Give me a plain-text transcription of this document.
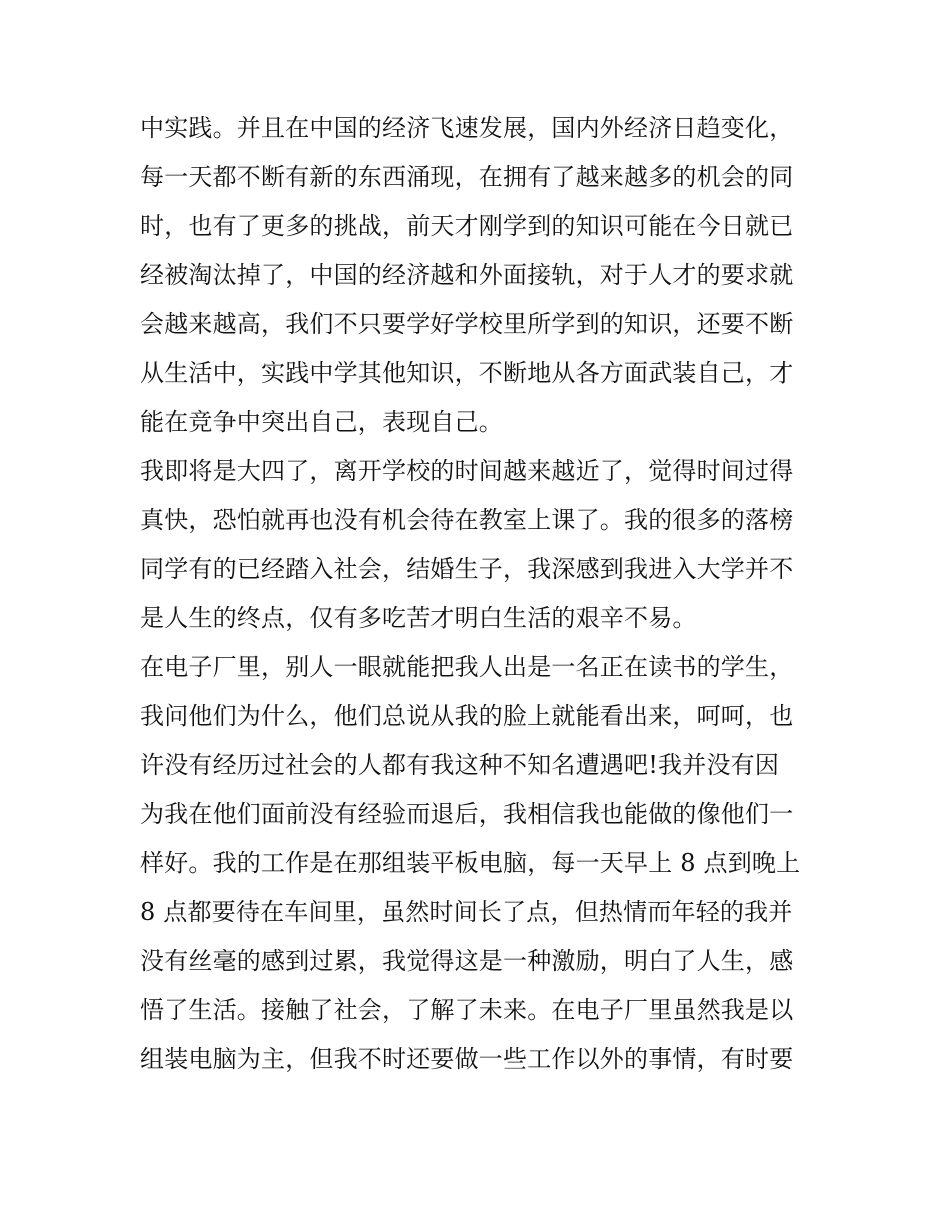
中实践。并且在中国的经济飞速发展，国内外经济日趋变化，
每一天都不断有新的东西涌现，在拥有了越来越多的机会的同
时，也有了更多的挑战，前天才刚学到的知识可能在今日就已
经被淘汰掉了，中国的经济越和外面接轨，对于人才的要求就
会越来越高，我们不只要学好学校里所学到的知识，还要不断
从生活中，实践中学其他知识，不断地从各方面武装自己，才
能在竞争中突出自己，表现自己。
我即将是大四了，离开学校的时间越来越近了，觉得时间过得
真快，恐怕就再也没有机会待在教室上课了。我的很多的落榜
同学有的已经踏入社会，结婚生子，我深感到我进入大学并不
是人生的终点，仅有多吃苦才明白生活的艰辛不易。
在电子厂里，别人一眼就能把我人出是一名正在读书的学生，
我问他们为什么，他们总说从我的脸上就能看出来，呵呵，也
许没有经历过社会的人都有我这种不知名遭遇吧!我并没有因
为我在他们面前没有经验而退后，我相信我也能做的像他们一
样好。我的工作是在那组装平板电脑，每一天早上 8 点到晚上
8 点都要待在车间里，虽然时间长了点，但热情而年轻的我并
没有丝毫的感到过累，我觉得这是一种激励，明白了人生，感
悟了生活。接触了社会，了解了未来。在电子厂里虽然我是以
组装电脑为主，但我不时还要做一些工作以外的事情，有时要
